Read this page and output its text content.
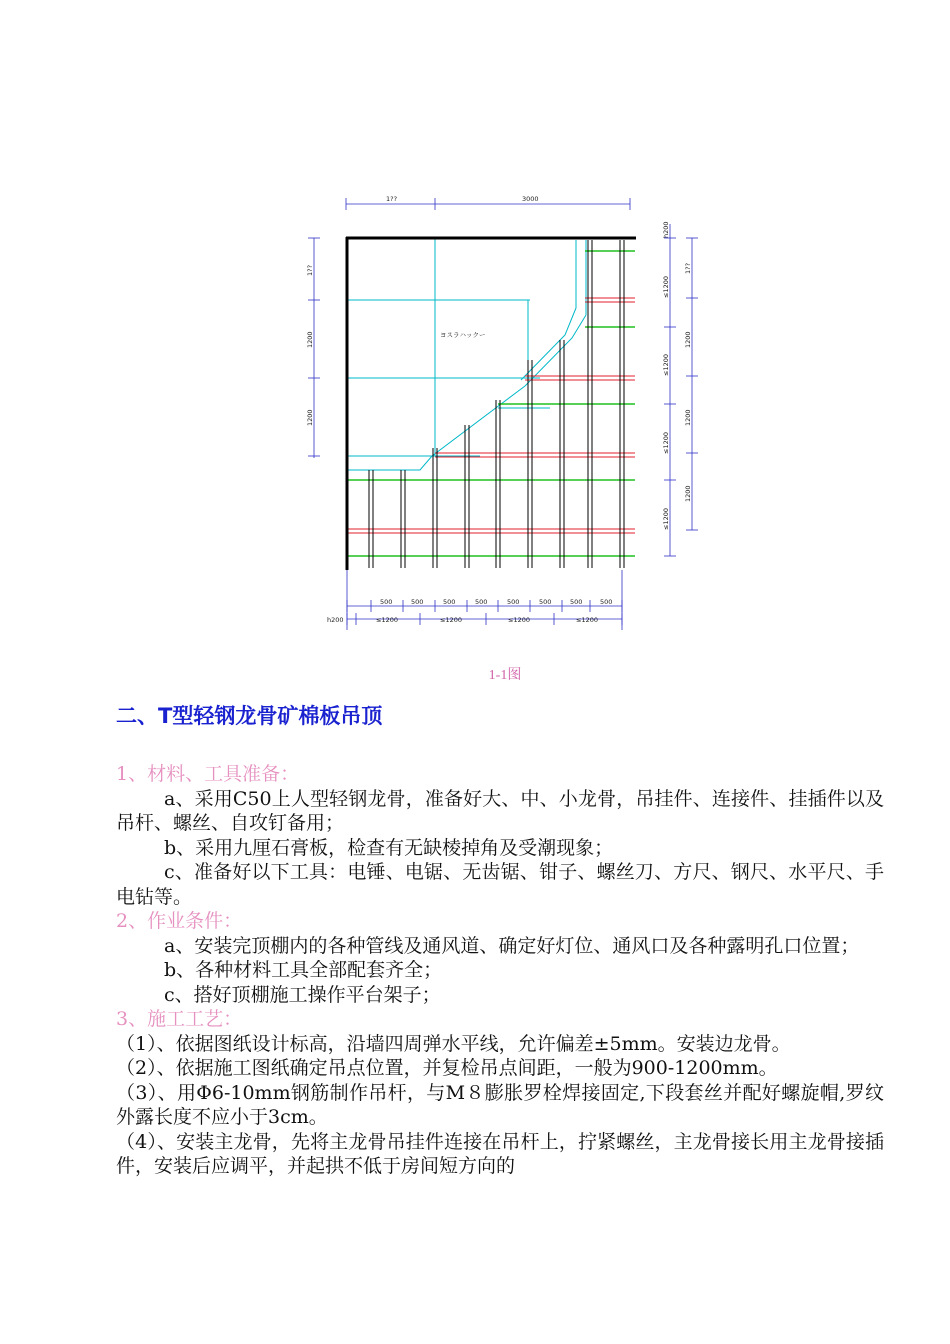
ヨスラハックー
1??	3000
1??
1200
1200
h200
≤1200
≤1200
≤1200
≤1200
1??
1200
1200
1200
500	500	500	500	500	500	500	500
h200	≤1200	≤1200	≤1200	≤1200
1-1图
二、T型轻钢龙骨矿棉板吊顶

1、材料、工具准备：

a、采用C50上人型轻钢龙骨，准备好大、中、小龙骨，吊挂件、连接件、挂插件以及吊杆、螺丝、自攻钉备用；

b、采用九厘石膏板，检查有无缺棱掉角及受潮现象；

c、准备好以下工具：电锤、电锯、无齿锯、钳子、螺丝刀、方尺、钢尺、水平尺、手电钻等。

2、作业条件：

a、安装完顶棚内的各种管线及通风道、确定好灯位、通风口及各种露明孔口位置；

b、各种材料工具全部配套齐全；

c、搭好顶棚施工操作平台架子；

3、施工工艺：

（1）、依据图纸设计标高，沿墙四周弹水平线，允许偏差±5mm。安装边龙骨。

（2）、依据施工图纸确定吊点位置，并复检吊点间距，一般为900-1200mm。

（3）、用Φ6-10mm钢筋制作吊杆，与M８膨胀罗栓焊接固定,下段套丝并配好螺旋帽,罗纹外露长度不应小于3cm。

（4）、安装主龙骨，先将主龙骨吊挂件连接在吊杆上，拧紧螺丝，主龙骨接长用主龙骨接插件，安装后应调平，并起拱不低于房间短方向的
